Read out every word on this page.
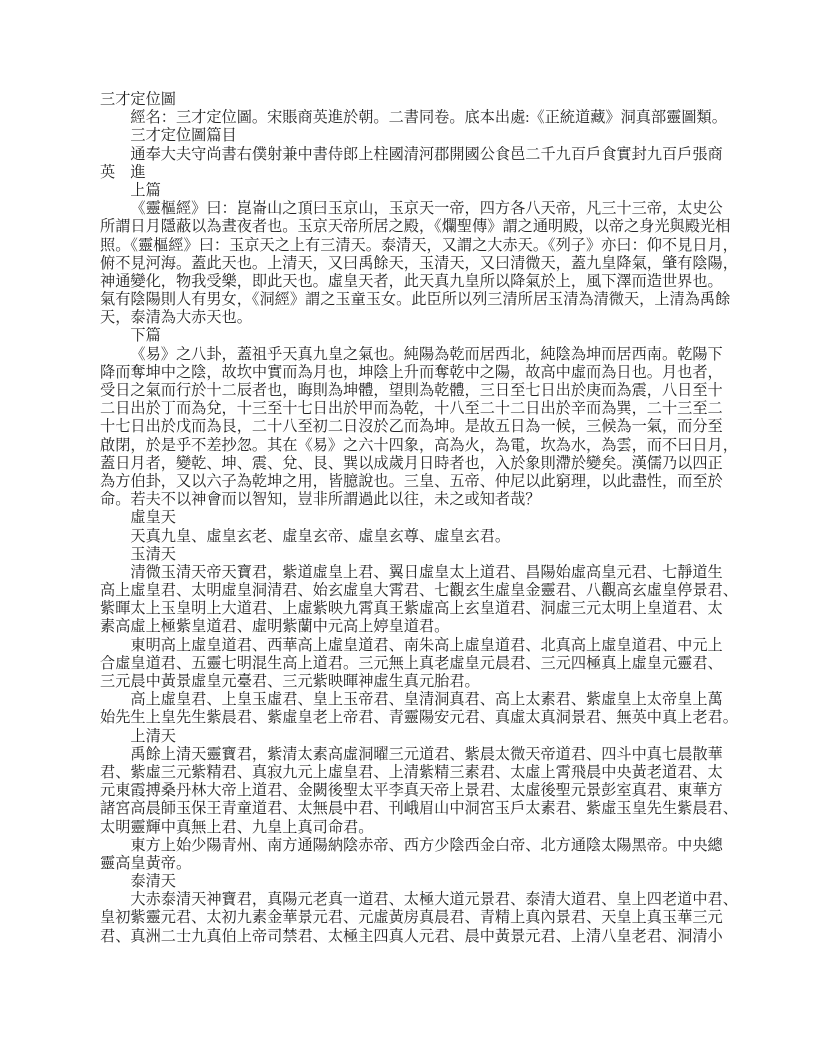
三才定位圖
經名：三才定位圖。宋賬商英進於朝。二書同卷。底本出處:《正統道藏》洞真部靈圖類。
三才定位圖篇目
通奉大夫守尚書右僕射兼中書侍郎上柱國清河郡開國公食邑二千九百戶食實封九百戶張商
英　進
上篇
《靈樞經》曰：崑崙山之頂曰玉京山，玉京天一帝，四方各八天帝，凡三十三帝，太史公
所謂日月隱蔽以為晝夜者也。玉京天帝所居之殿，《爛聖傳》謂之通明殿，以帝之身光與殿光相
照。《靈樞經》曰：玉京天之上有三清天。泰清天，又謂之大赤天。《列子》亦曰：仰不見日月，
俯不見河海。蓋此天也。上清天，又曰禹餘天，玉清天，又曰清微天，蓋九皇降氣，肇有陰陽，
神通變化，物我受樂，即此天也。虛皇天者，此天真九皇所以降氣於上，風下澤而造世界也。
氣有陰陽則人有男女，《洞經》謂之玉童玉女。此臣所以列三清所居玉清為清微天，上清為禹餘
天，泰清為大赤天也。
下篇
《易》之八卦，蓋祖乎天真九皇之氣也。純陽為乾而居西北，純陰為坤而居西南。乾陽下
降而奪坤中之陰，故坎中實而為月也，坤陰上升而奪乾中之陽，故高中虛而為日也。月也者，
受日之氣而行於十二辰者也，晦則為坤體，望則為乾體，三日至七日出於庚而為震，八日至十
二日出於丁而為兌，十三至十七日出於甲而為乾，十八至二十二日出於辛而為巽，二十三至二
十七日出於戊而為艮，二十八至初二日沒於乙而為坤。是故五日為一候，三候為一氣，而分至
啟閉，於是乎不差抄忽。其在《易》之六十四象，高為火，為電，坎為水，為雲，而不曰日月，
蓋日月者，變乾、坤、震、兌、艮、巽以成歲月日時者也，入於象則滯於變矣。漢儒乃以四正
為方伯卦，又以六子為乾坤之用，皆臆說也。三皇、五帝、仲尼以此窮理，以此盡性，而至於
命。若夫不以神會而以智知，豈非所謂過此以往，未之或知者哉？
虛皇天
天真九皇、虛皇玄老、虛皇玄帝、虛皇玄尊、虛皇玄君。
玉清天
清微玉清天帝天寶君，紫道虛皇上君、翼日虛皇太上道君、昌陽始虛高皇元君、七靜道生
高上虛皇君、太明虛皇洞清君、始玄虛皇大霄君、七觀玄生虛皇金靈君、八觀高玄虛皇停景君、
紫暉太上玉皇明上大道君、上虛紫映九霄真王紫虛高上玄皇道君、洞虛三元太明上皇道君、太
素高虛上極紫皇道君、虛明紫蘭中元高上婷皇道君。
東明高上虛皇道君、西華高上虛皇道君、南朱高上虛皇道君、北真高上虛皇道君、中元上
合虛皇道君、五靈七明混生高上道君。三元無上真老虛皇元晨君、三元四極真上虛皇元靈君、
三元晨中黃景虛皇元臺君、三元紫映暉神虛生真元胎君。
高上虛皇君、上皇玉虛君、皇上玉帝君、皇清洞真君、高上太素君、紫虛皇上太帝皇上萬
始先生上皇先生紫晨君、紫虛皇老上帝君、青靈陽安元君、真虛太真洞景君、無英中真上老君。
上清天
禹餘上清天靈寶君，紫清太素高虛洞曜三元道君、紫晨太微天帝道君、四斗中真七晨散華
君、紫虛三元紫精君、真寂九元上虛皇君、上清紫精三素君、太虛上霄飛晨中央黃老道君、太
元東霞搏桑丹林大帝上道君、金闕後聖太平李真天帝上景君、太虛後聖元景彭室真君、東華方
諸宮高晨師玉保王青童道君、太無晨中君、刊峨眉山中洞宮玉戶太素君、紫虛玉皇先生紫晨君、
太明靈輝中真無上君、九皇上真司命君。
東方上始少陽青州、南方通陽納陰赤帝、西方少陰西金白帝、北方通陰太陽黑帝。中央總
靈高皇黃帝。
泰清天
大赤泰清天神寶君，真陽元老真一道君、太極大道元景君、泰清大道君、皇上四老道中君、
皇初紫靈元君、太初九素金華景元君、元虛黃房真晨君、青精上真內景君、天皇上真玉華三元
君、真洲二士九真伯上帝司禁君、太極主四真人元君、晨中黃景元君、上清八皇老君、洞清小
